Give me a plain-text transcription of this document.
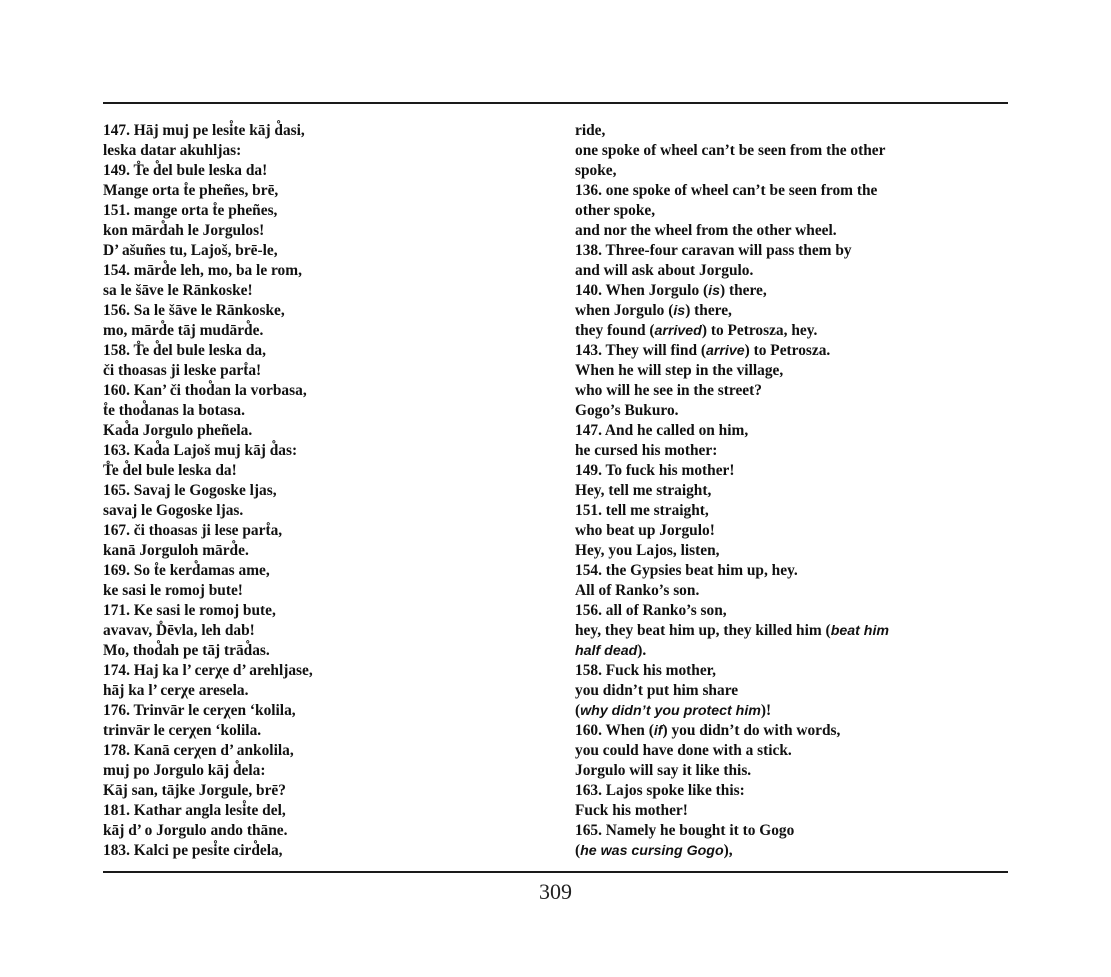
147. Hāj muj pe lesi̊te kāj d̊asi,
leska datar akuhljas:
149. T̊e d̊el bule leska da!
Mange orta t̊e pheñes, brē,
151. mange orta t̊e pheñes,
kon mārd̊ah le Jorgulos!
D’ ašuñes tu, Lajoš, brē-le,
154. mārd̊e leh, mo, ba le rom,
sa le šāve le Rānkoske!
156. Sa le šāve le Rānkoske,
mo, mārd̊e tāj mudārd̊e.
158. T̊e d̊el bule leska da,
či thoasas ji leske part̊a!
160. Kan’ či thod̊an la vorbasa,
t̊e thod̊anas la botasa.
Kad̊a Jorgulo pheñela.
163. Kad̊a Lajoš muj kāj d̊as:
T̊e d̊el bule leska da!
165. Savaj le Gogoske ljas,
savaj le Gogoske ljas.
167. či thoasas ji lese part̊a,
kanā Jorguloh mārd̊e.
169. So t̊e kerd̊amas ame,
ke sasi le romoj bute!
171. Ke sasi le romoj bute,
avavav, D̊ēvla, leh dab!
Mo, thod̊ah pe tāj trād̊as.
174. Haj ka l’ cerχe d’ arehljase,
hāj ka l’ cerχe aresela.
176. Trinvār le cerχen ‘kolila,
trinvār le cerχen ‘kolila.
178. Kanā cerχen d’ ankolila,
muj po Jorgulo kāj d̊ela:
Kāj san, tājke Jorgule, brē?
181. Kathar angla lesi̊te del,
kāj d’ o Jorgulo ando thāne.
183. Kalci pe pesi̊te cird̊ela,
ride,
one spoke of wheel can’t be seen from the other
spoke,
136. one spoke of wheel can’t be seen from the
other spoke,
and nor the wheel from the other wheel.
138. Three-four caravan will pass them by
and will ask about Jorgulo.
140. When Jorgulo (is) there,
when Jorgulo (is) there,
they found (arrived) to Petrosza, hey.
143. They will find (arrive) to Petrosza.
When he will step in the village,
who will he see in the street?
Gogo’s Bukuro.
147. And he called on him,
he cursed his mother:
149. To fuck his mother!
Hey, tell me straight,
151. tell me straight,
who beat up Jorgulo!
Hey, you Lajos, listen,
154. the Gypsies beat him up, hey.
All of Ranko’s son.
156. all of Ranko’s son,
hey, they beat him up, they killed him (beat him
half dead).
158. Fuck his mother,
you didn’t put him share
(why didn’t you protect him)!
160. When (if) you didn’t do with words,
you could have done with a stick.
Jorgulo will say it like this.
163. Lajos spoke like this:
Fuck his mother!
165. Namely he bought it to Gogo
(he was cursing Gogo),
309
